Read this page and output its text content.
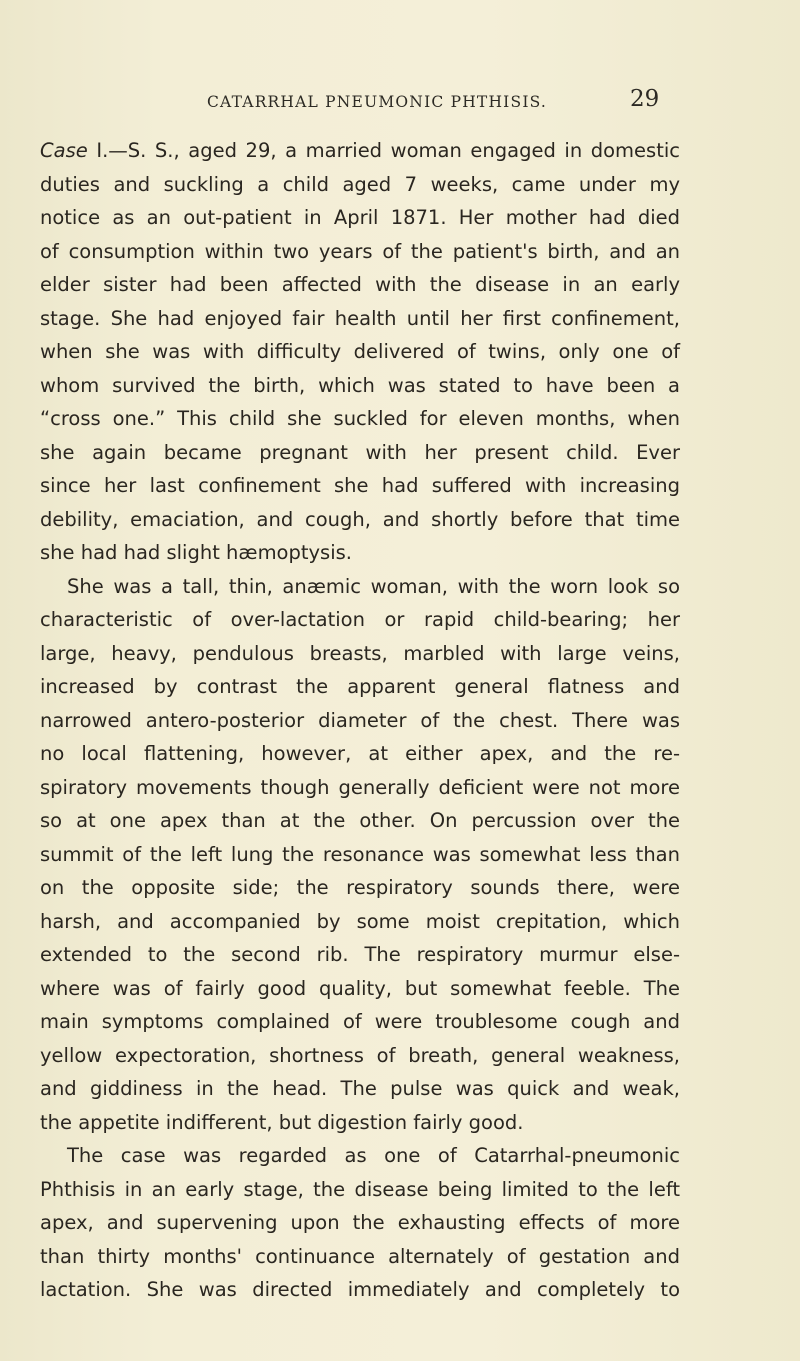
CATARRHAL PNEUMONIC PHTHISIS.	29
Case I.—S. S., aged 29, a married woman engaged in domestic
duties and suckling a child aged 7 weeks, came under my
notice as an out-patient in April 1871. Her mother had died
of consumption within two years of the patient's birth, and an
elder sister had been affected with the disease in an early
stage. She had enjoyed fair health until her first confinement,
when she was with difficulty delivered of twins, only one of
whom survived the birth, which was stated to have been a
“cross one.” This child she suckled for eleven months, when
she again became pregnant with her present child. Ever
since her last confinement she had suffered with increasing
debility, emaciation, and cough, and shortly before that time
she had had slight hæmoptysis.
She was a tall, thin, anæmic woman, with the worn look so
characteristic of over-lactation or rapid child-bearing; her
large, heavy, pendulous breasts, marbled with large veins,
increased by contrast the apparent general flatness and
narrowed antero-posterior diameter of the chest. There was
no local flattening, however, at either apex, and the re-
spiratory movements though generally deficient were not more
so at one apex than at the other. On percussion over the
summit of the left lung the resonance was somewhat less than
on the opposite side; the respiratory sounds there, were
harsh, and accompanied by some moist crepitation, which
extended to the second rib. The respiratory murmur else-
where was of fairly good quality, but somewhat feeble. The
main symptoms complained of were troublesome cough and
yellow expectoration, shortness of breath, general weakness,
and giddiness in the head. The pulse was quick and weak,
the appetite indifferent, but digestion fairly good.
The case was regarded as one of Catarrhal-pneumonic
Phthisis in an early stage, the disease being limited to the left
apex, and supervening upon the exhausting effects of more
than thirty months' continuance alternately of gestation and
lactation. She was directed immediately and completely to
